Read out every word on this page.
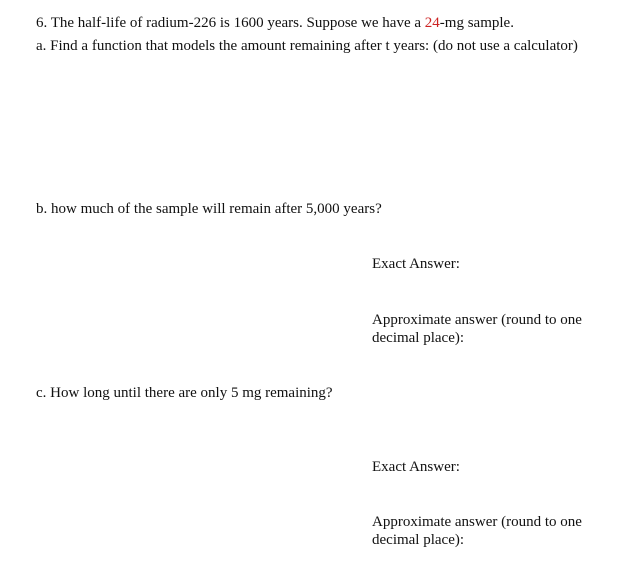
6. The half-life of radium-226 is 1600 years. Suppose we have a 24-mg sample.
a. Find a function that models the amount remaining after t years: (do not use a calculator)
b. how much of the sample will remain after 5,000 years?
Exact Answer:
Approximate answer (round to one decimal place):
c. How long until there are only 5 mg remaining?
Exact Answer:
Approximate answer (round to one decimal place):
